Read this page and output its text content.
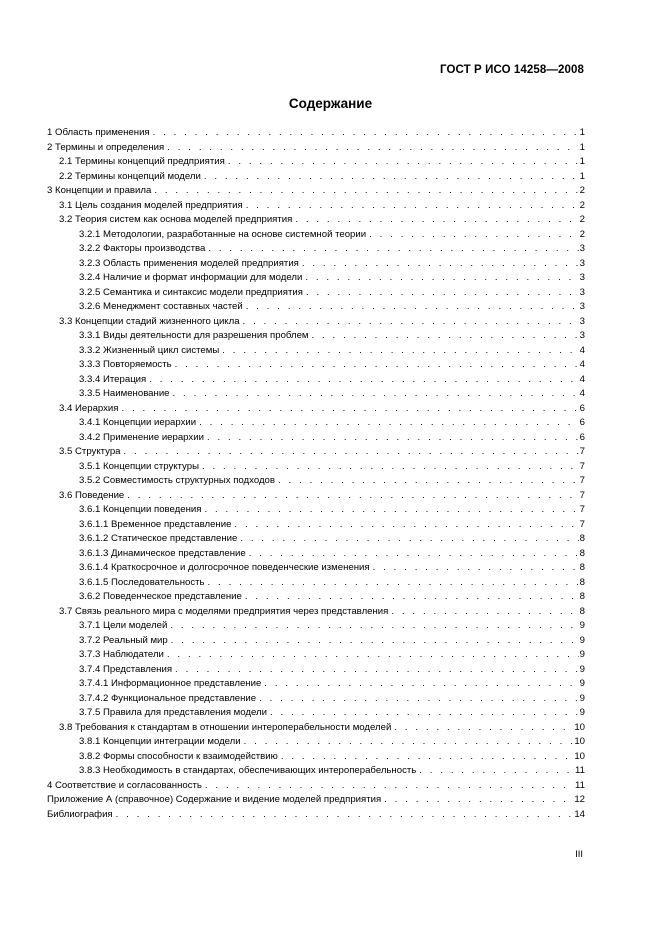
ГОСТ Р ИСО 14258—2008
Содержание
1 Область применения . . .	1
2 Термины и определения . . .	1
2.1 Термины концепций предприятия . . .	1
2.2 Термины концепций модели . . .	1
3 Концепции и правила . . .	2
3.1 Цель создания моделей предприятия . . .	2
3.2 Теория систем как основа моделей предприятия . . .	2
3.2.1 Методологии, разработанные на основе системной теории . . .	2
3.2.2 Факторы производства . . .	3
3.2.3 Область применения моделей предприятия . . .	3
3.2.4 Наличие и формат информации для модели . . .	3
3.2.5 Семантика и синтаксис модели предприятия . . .	3
3.2.6 Менеджмент составных частей . . .	3
3.3 Концепции стадий жизненного цикла . . .	3
3.3.1 Виды деятельности для разрешения проблем . . .	3
3.3.2 Жизненный цикл системы . . .	4
3.3.3 Повторяемость . . .	4
3.3.4 Итерация . . .	4
3.3.5 Наименование . . .	4
3.4 Иерархия . . .	6
3.4.1 Концепции иерархии . . .	6
3.4.2 Применение иерархии . . .	6
3.5 Структура . . .	7
3.5.1 Концепции структуры . . .	7
3.5.2 Совместимость структурных подходов . . .	7
3.6 Поведение . . .	7
3.6.1 Концепции поведения . . .	7
3.6.1.1 Временное представление . . .	7
3.6.1.2 Статическое представление . . .	8
3.6.1.3 Динамическое представление . . .	8
3.6.1.4 Краткосрочное и долгосрочное поведенческие изменения . . .	8
3.6.1.5 Последовательность . . .	8
3.6.2 Поведенческое представление . . .	8
3.7 Связь реального мира с моделями предприятия через представления . . .	8
3.7.1 Цели моделей . . .	9
3.7.2 Реальный мир . . .	9
3.7.3 Наблюдатели . . .	9
3.7.4 Представления . . .	9
3.7.4.1 Информационное представление . . .	9
3.7.4.2 Функциональное представление . . .	9
3.7.5 Правила для представления модели . . .	9
3.8 Требования к стандартам в отношении интероперабельности моделей . . .	10
3.8.1 Концепции интеграции модели . . .	10
3.8.2 Формы способности к взаимодействию . . .	10
3.8.3 Необходимость в стандартах, обеспечивающих интероперабельность . . .	11
4 Соответствие и согласованность . . .	11
Приложение А (справочное) Содержание и видение моделей предприятия . . .	12
Библиография . . .	14
III
